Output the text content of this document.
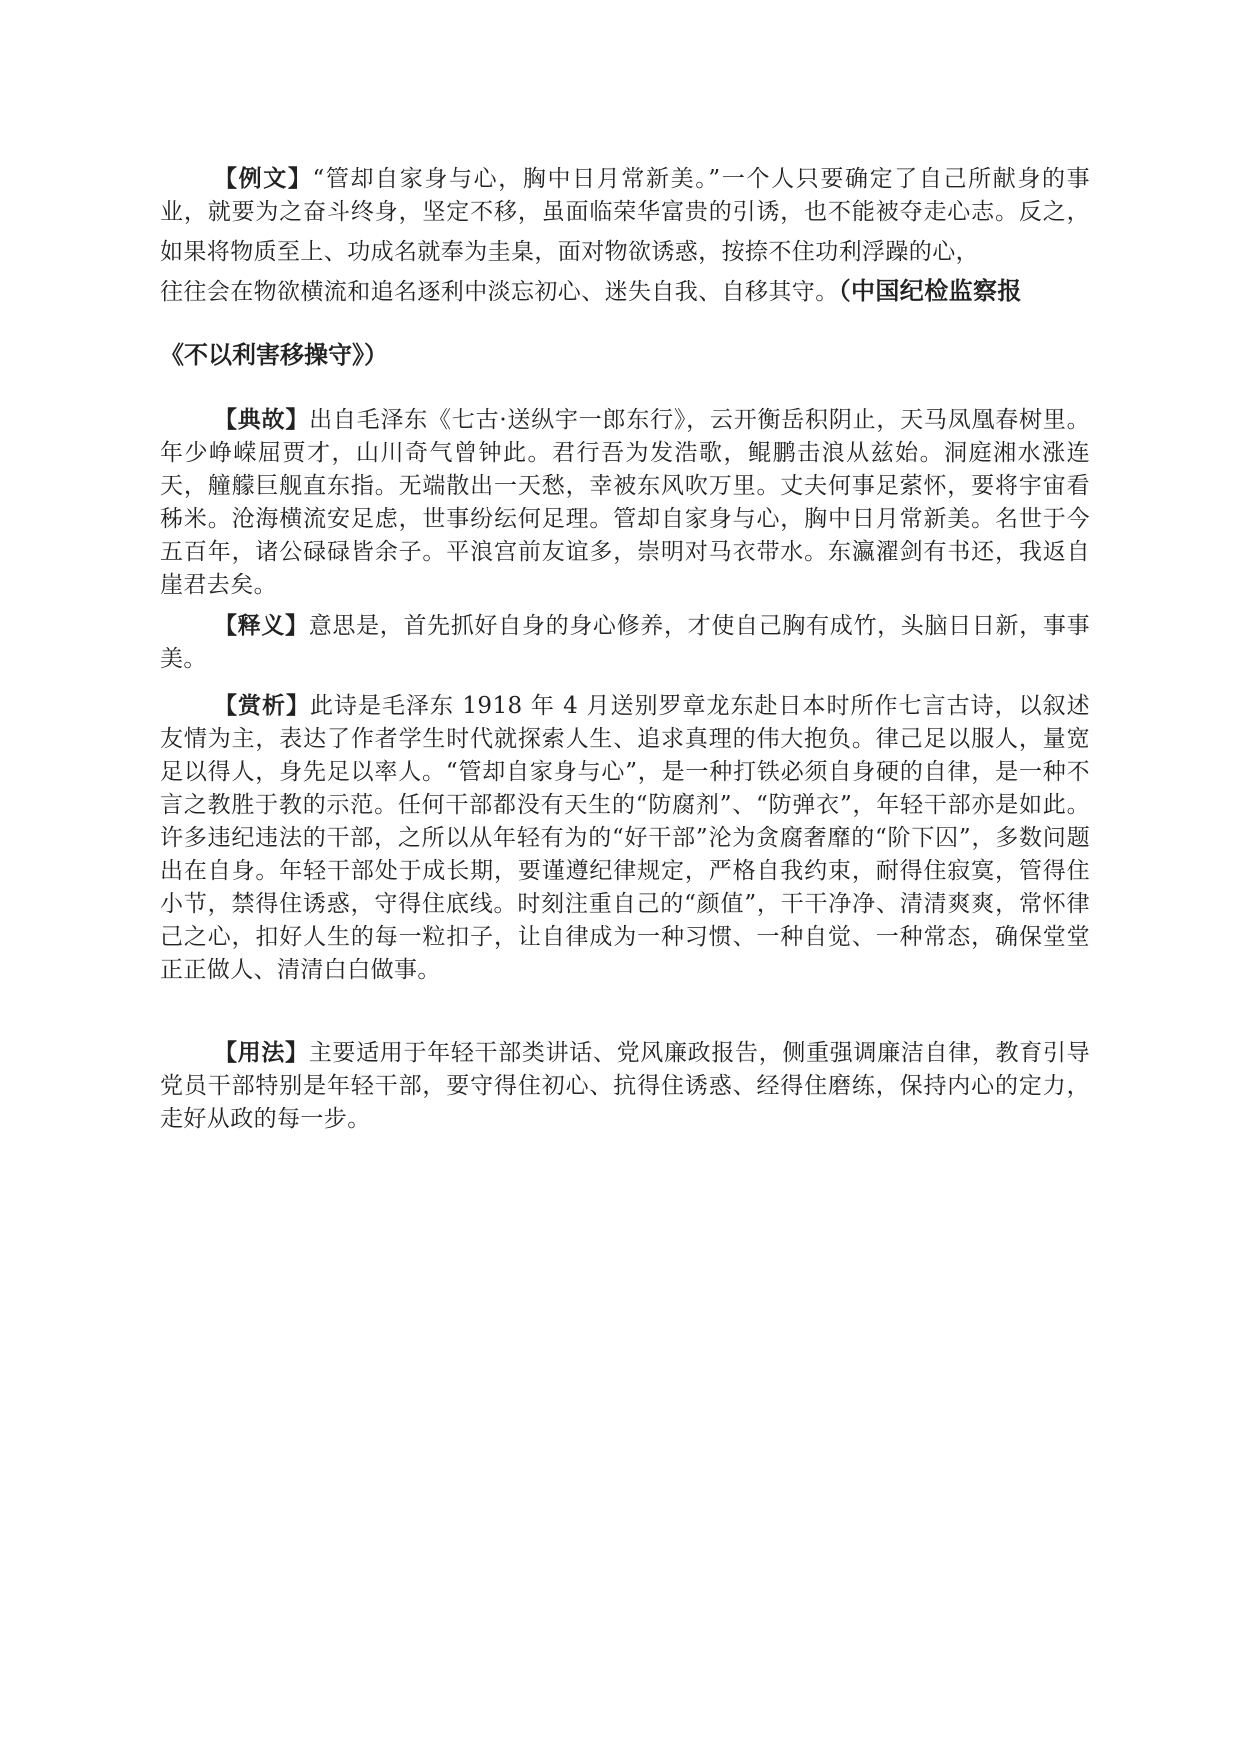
【例文】“管却自家身与心，胸中日月常新美。”一个人只要确定了自己所献身的事业，就要为之奋斗终身，坚定不移，虽面临荣华富贵的引诱，也不能被夺走心志。反之，如果将物质至上、功成名就奉为圭臬，面对物欲诱惑，按捺不住功利浮躁的心，
往往会在物欲横流和追名逐利中淡忘初心、迷失自我、自移其守。（中国纪检监察报

《不以利害移操守》）

【典故】出自毛泽东《七古·送纵宇一郎东行》，云开衡岳积阴止，天马凤凰春树里。年少峥嵘屈贾才，山川奇气曾钟此。君行吾为发浩歌，鲲鹏击浪从兹始。洞庭湘水涨连天，艟艨巨舰直东指。无端散出一天愁，幸被东风吹万里。丈夫何事足萦怀，要将宇宙看秭米。沧海横流安足虑，世事纷纭何足理。管却自家身与心，胸中日月常新美。名世于今五百年，诸公碌碌皆余子。平浪宫前友谊多，崇明对马衣带水。东瀛濯剑有书还，我返自崖君去矣。

【释义】意思是，首先抓好自身的身心修养，才使自己胸有成竹，头脑日日新，事事美。

【赏析】此诗是毛泽东 1918 年 4 月送别罗章龙东赴日本时所作七言古诗，以叙述友情为主，表达了作者学生时代就探索人生、追求真理的伟大抱负。律己足以服人，量宽足以得人，身先足以率人。“管却自家身与心”，是一种打铁必须自身硬的自律，是一种不言之教胜于教的示范。任何干部都没有天生的“防腐剂”、“防弹衣”，年轻干部亦是如此。许多违纪违法的干部，之所以从年轻有为的“好干部”沦为贪腐奢靡的“阶下囚”，多数问题出在自身。年轻干部处于成长期，要谨遵纪律规定，严格自我约束，耐得住寂寞，管得住小节，禁得住诱惑，守得住底线。时刻注重自己的“颜值”，干干净净、清清爽爽，常怀律己之心，扣好人生的每一粒扣子，让自律成为一种习惯、一种自觉、一种常态，确保堂堂正正做人、清清白白做事。

【用法】主要适用于年轻干部类讲话、党风廉政报告，侧重强调廉洁自律，教育引导党员干部特别是年轻干部，要守得住初心、抗得住诱惑、经得住磨练，保持内心的定力，走好从政的每一步。
